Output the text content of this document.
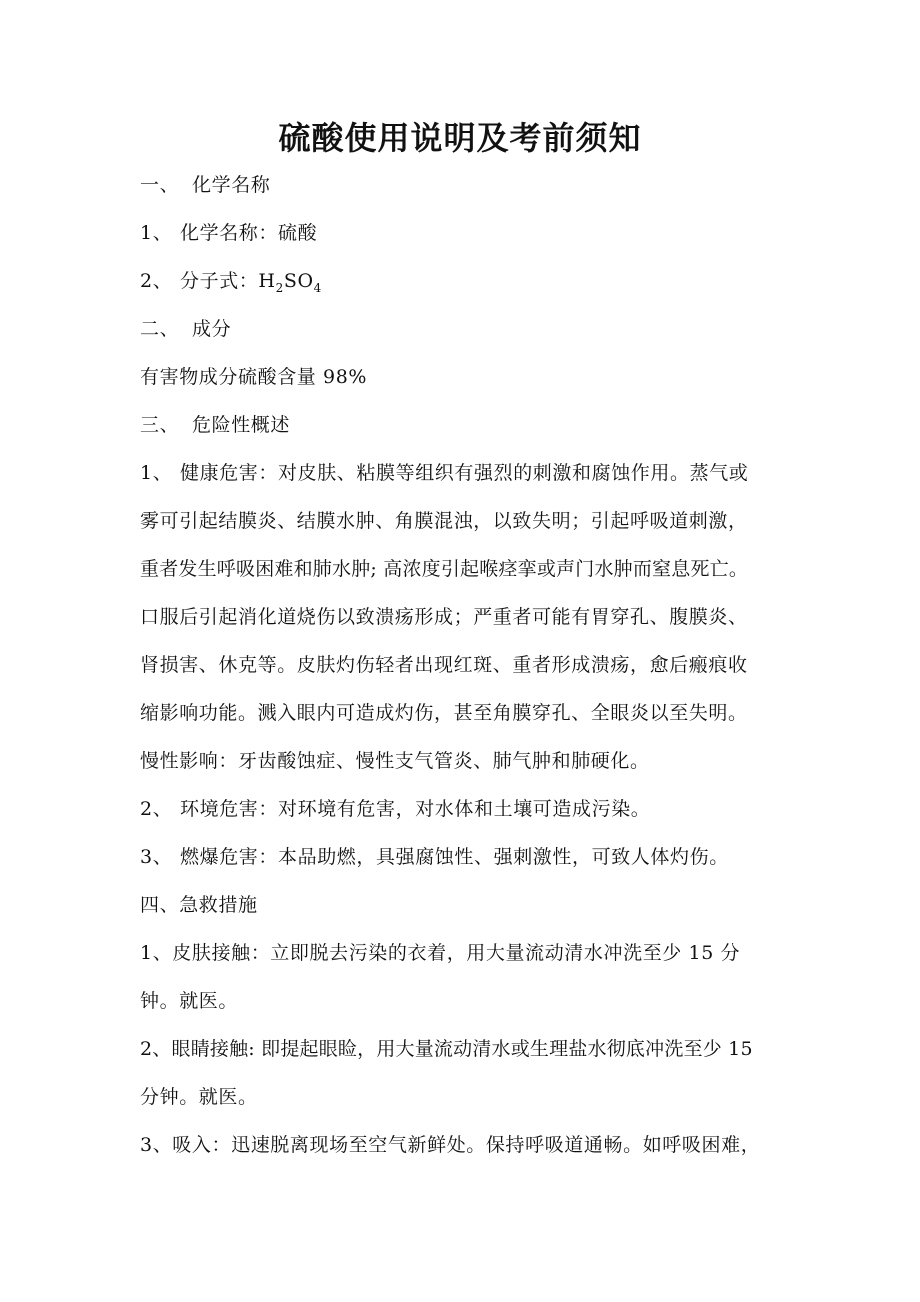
硫酸使用说明及考前须知
一、 化学名称
1、 化学名称：硫酸
2、 分子式：$H_2SO_4$
二、 成分
有害物成分硫酸含量 98%
三、 危险性概述
1、 健康危害：对皮肤、粘膜等组织有强烈的刺激和腐蚀作用。蒸气或
雾可引起结膜炎、结膜水肿、角膜混浊，以致失明；引起呼吸道刺激，
重者发生呼吸困难和肺水肿; 高浓度引起喉痉挛或声门水肿而窒息死亡。
口服后引起消化道烧伤以致溃疡形成；严重者可能有胃穿孔、腹膜炎、
肾损害、休克等。皮肤灼伤轻者出现红斑、重者形成溃疡，愈后瘢痕收
缩影响功能。溅入眼内可造成灼伤，甚至角膜穿孔、全眼炎以至失明。
慢性影响：牙齿酸蚀症、慢性支气管炎、肺气肿和肺硬化。
2、 环境危害：对环境有危害，对水体和土壤可造成污染。
3、 燃爆危害：本品助燃，具强腐蚀性、强刺激性，可致人体灼伤。
四、急救措施
1、皮肤接触：立即脱去污染的衣着，用大量流动清水冲洗至少 15 分
钟。就医。
2、眼睛接触: 即提起眼睑，用大量流动清水或生理盐水彻底冲洗至少 15
分钟。就医。
3、吸入：迅速脱离现场至空气新鲜处。保持呼吸道通畅。如呼吸困难，
